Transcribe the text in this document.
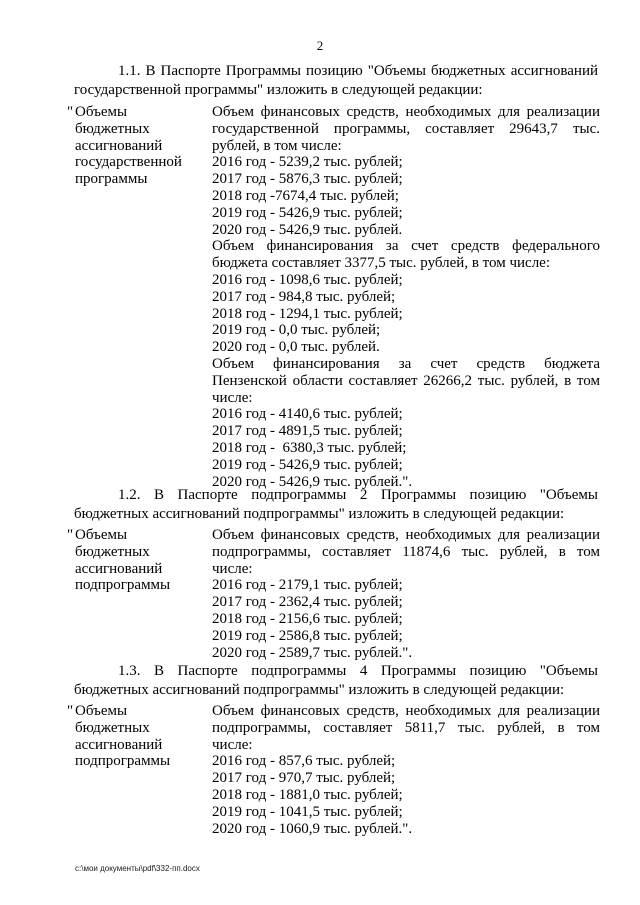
2
1.1. В Паспорте Программы позицию "Объемы бюджетных ассигнований государственной программы" изложить в следующей редакции:
" Объемы
бюджетных
ассигнований
государственной
программы
Объем финансовых средств, необходимых для реализации
государственной программы, составляет 29643,7 тыс.
рублей, в том числе:
2016 год - 5239,2 тыс. рублей;
2017 год - 5876,3 тыс. рублей;
2018 год -7674,4 тыс. рублей;
2019 год - 5426,9 тыс. рублей;
2020 год - 5426,9 тыс. рублей.
Объем финансирования за счет средств федерального
бюджета составляет 3377,5 тыс. рублей, в том числе:
2016 год - 1098,6 тыс. рублей;
2017 год - 984,8 тыс. рублей;
2018 год - 1294,1 тыс. рублей;
2019 год - 0,0 тыс. рублей;
2020 год - 0,0 тыс. рублей.
Объем финансирования за счет средств бюджета
Пензенской области составляет 26266,2 тыс. рублей, в том
числе:
2016 год - 4140,6 тыс. рублей;
2017 год - 4891,5 тыс. рублей;
2018 год -  6380,3 тыс. рублей;
2019 год - 5426,9 тыс. рублей;
2020 год - 5426,9 тыс. рублей.".
1.2. В Паспорте подпрограммы 2 Программы позицию "Объемы бюджетных ассигнований подпрограммы" изложить в следующей редакции:
" Объемы
бюджетных
ассигнований
подпрограммы
Объем финансовых средств, необходимых для реализации
подпрограммы, составляет 11874,6 тыс. рублей, в том
числе:
2016 год - 2179,1 тыс. рублей;
2017 год - 2362,4 тыс. рублей;
2018 год - 2156,6 тыс. рублей;
2019 год - 2586,8 тыс. рублей;
2020 год - 2589,7 тыс. рублей.".
1.3. В Паспорте подпрограммы 4 Программы позицию "Объемы бюджетных ассигнований подпрограммы" изложить в следующей редакции:
" Объемы
бюджетных
ассигнований
подпрограммы
Объем финансовых средств, необходимых для реализации
подпрограммы, составляет 5811,7 тыс. рублей, в том
числе:
2016 год - 857,6 тыс. рублей;
2017 год - 970,7 тыс. рублей;
2018 год - 1881,0 тыс. рублей;
2019 год - 1041,5 тыс. рублей;
2020 год - 1060,9 тыс. рублей.".
c:\мои документы\pdf\332-пп.docx
